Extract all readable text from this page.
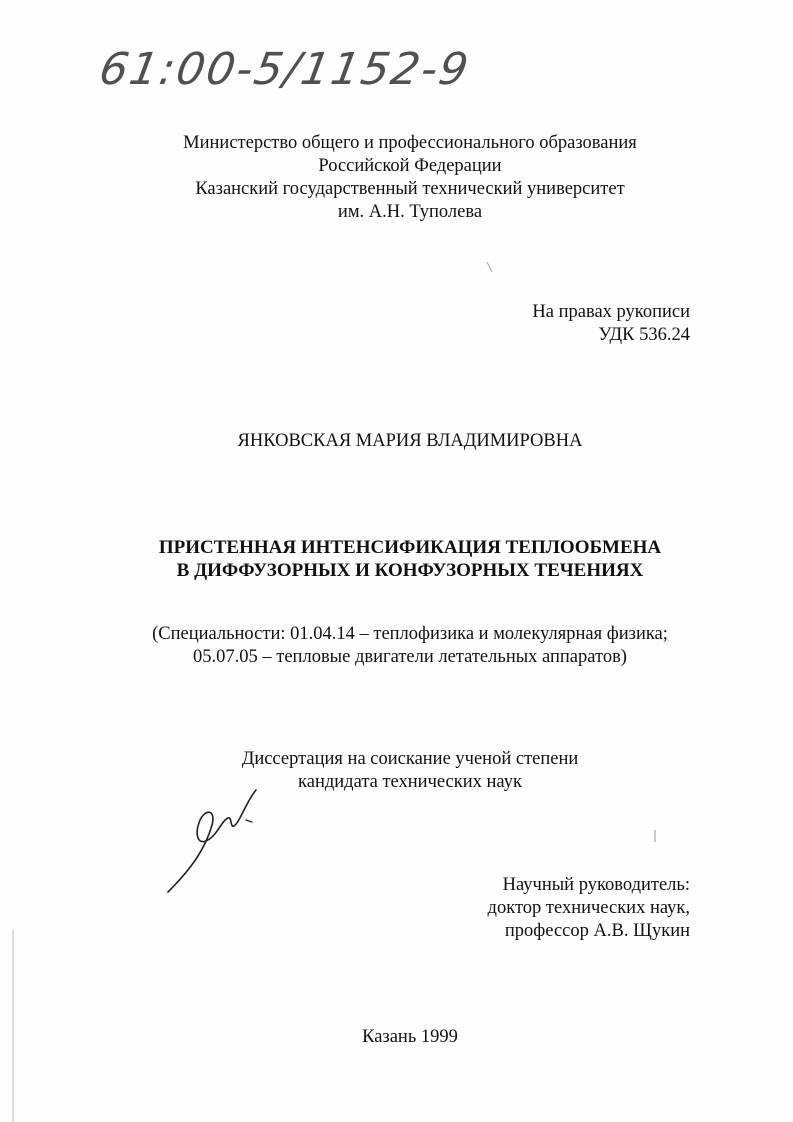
61:00-5/1152-9
Министерство общего и профессионального образования
Российской Федерации
Казанский государственный технический университет
им. А.Н. Туполева
На правах рукописи
УДК 536.24
ЯНКОВСКАЯ МАРИЯ ВЛАДИМИРОВНА
ПРИСТЕННАЯ ИНТЕНСИФИКАЦИЯ ТЕПЛООБМЕНА
В ДИФФУЗОРНЫХ И КОНФУЗОРНЫХ ТЕЧЕНИЯХ
(Специальности: 01.04.14 – теплофизика и молекулярная физика;
05.07.05 – тепловые двигатели летательных аппаратов)
Диссертация на соискание ученой степени
кандидата технических наук
Научный руководитель:
доктор технических наук,
профессор А.В. Щукин
Казань 1999
